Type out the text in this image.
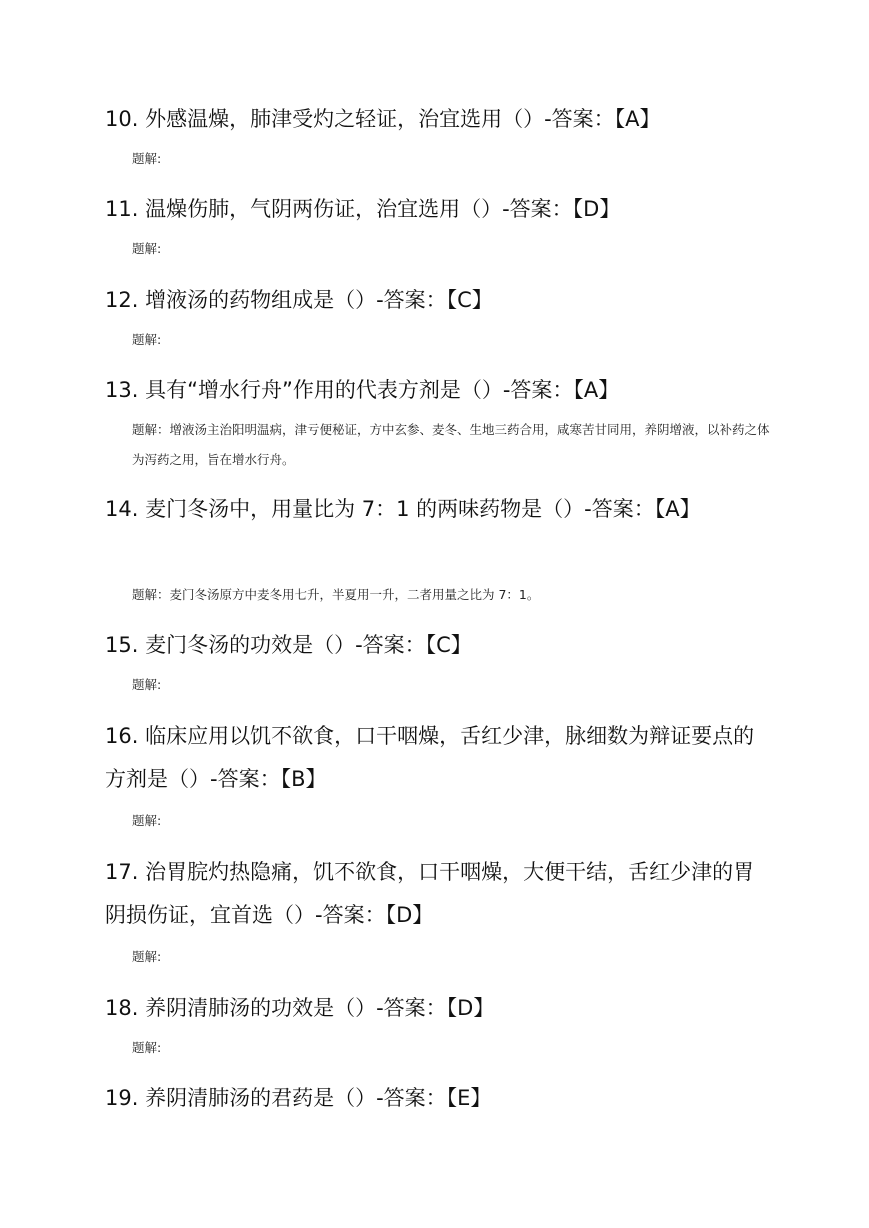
10. 外感温燥，肺津受灼之轻证，治宜选用（）-答案：【A】

题解:

11. 温燥伤肺，气阴两伤证，治宜选用（）-答案：【D】

题解:

12. 增液汤的药物组成是（）-答案：【C】

题解:

13. 具有“增水行舟”作用的代表方剂是（）-答案：【A】

题解：增液汤主治阳明温病，津亏便秘证，方中玄参、麦冬、生地三药合用，咸寒苦甘同用，养阴增液，以补药之体为泻药之用，旨在增水行舟。

14. 麦门冬汤中，用量比为 7：1 的两味药物是（）-答案：【A】

题解：麦门冬汤原方中麦冬用七升，半夏用一升，二者用量之比为 7：1。

15. 麦门冬汤的功效是（）-答案：【C】

题解:

16. 临床应用以饥不欲食，口干咽燥，舌红少津，脉细数为辩证要点的方剂是（）-答案：【B】

题解:

17. 治胃脘灼热隐痛，饥不欲食，口干咽燥，大便干结，舌红少津的胃阴损伤证，宜首选（）-答案：【D】

题解:

18. 养阴清肺汤的功效是（）-答案：【D】

题解:

19. 养阴清肺汤的君药是（）-答案：【E】
